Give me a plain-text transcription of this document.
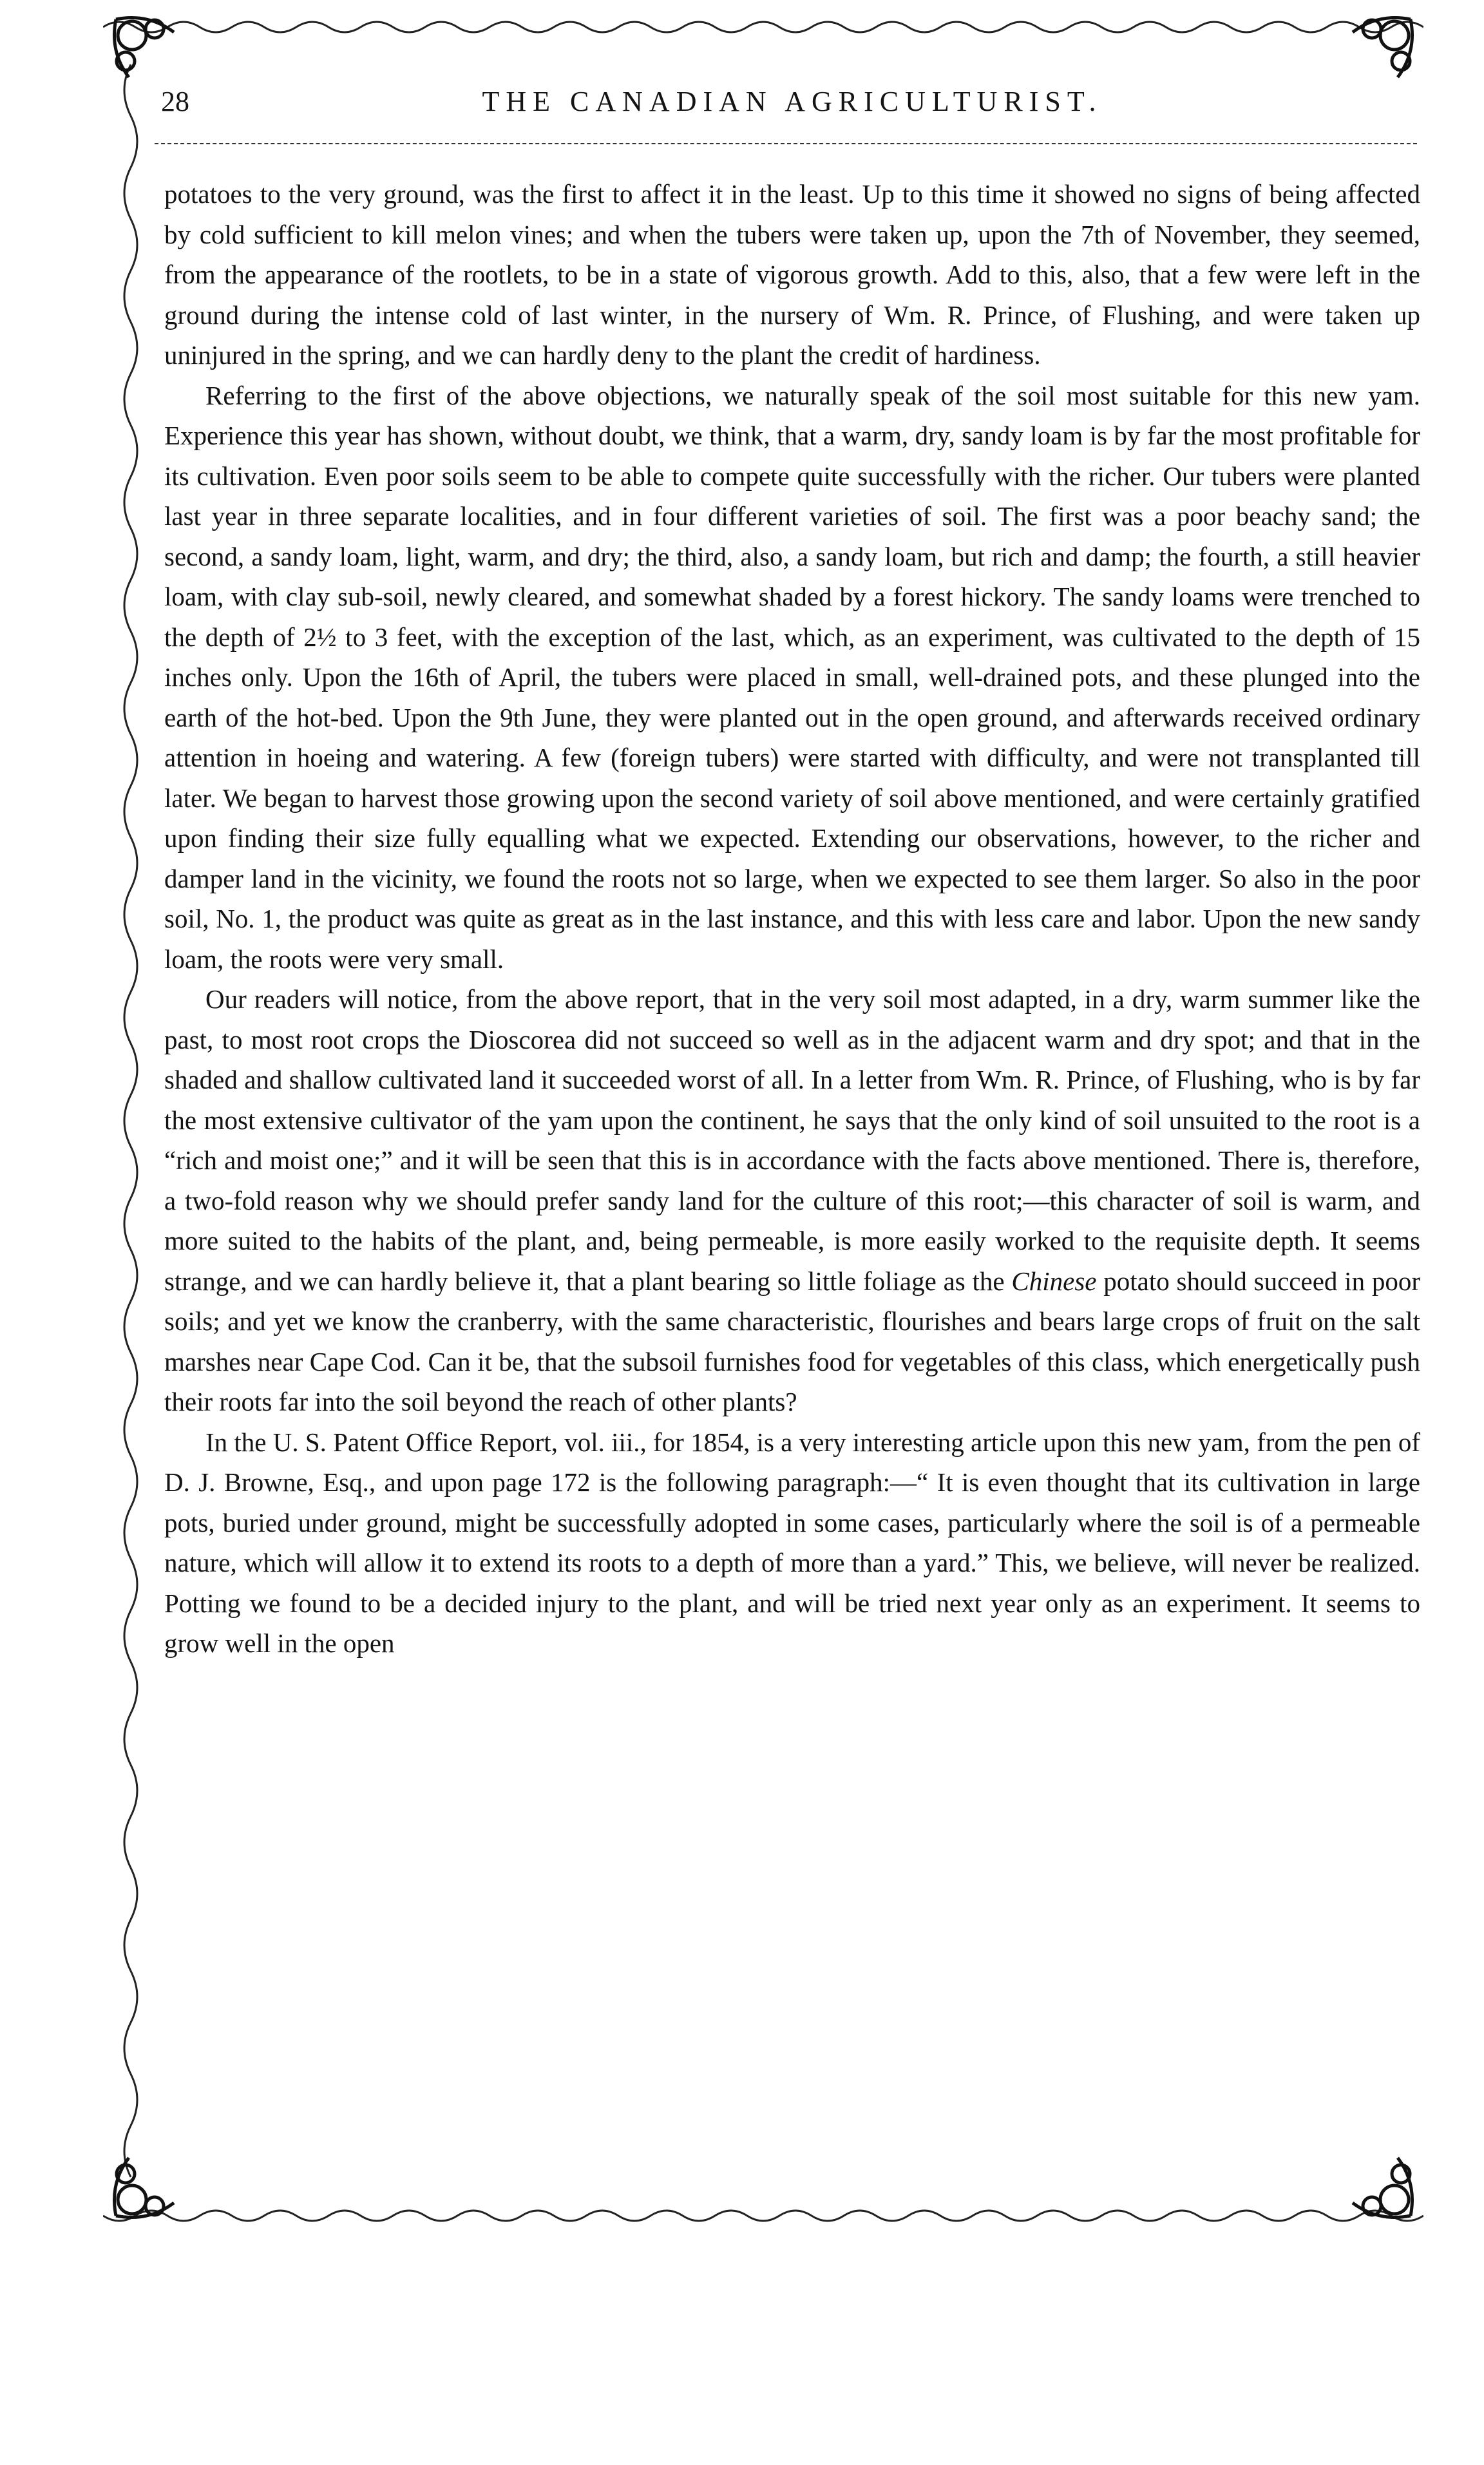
28	THE CANADIAN AGRICULTURIST.

potatoes to the very ground, was the first to affect it in the least. Up to this time it showed no signs of being affected by cold sufficient to kill melon vines; and when the tubers were taken up, upon the 7th of November, they seemed, from the appearance of the rootlets, to be in a state of vigorous growth. Add to this, also, that a few were left in the ground during the intense cold of last winter, in the nursery of Wm. R. Prince, of Flushing, and were taken up uninjured in the spring, and we can hardly deny to the plant the credit of hardiness.

Referring to the first of the above objections, we naturally speak of the soil most suitable for this new yam. Experience this year has shown, without doubt, we think, that a warm, dry, sandy loam is by far the most profitable for its cultivation. Even poor soils seem to be able to compete quite successfully with the richer. Our tubers were planted last year in three separate localities, and in four different varieties of soil. The first was a poor beachy sand; the second, a sandy loam, light, warm, and dry; the third, also, a sandy loam, but rich and damp; the fourth, a still heavier loam, with clay sub-soil, newly cleared, and somewhat shaded by a forest hickory. The sandy loams were trenched to the depth of 2½ to 3 feet, with the exception of the last, which, as an experiment, was cultivated to the depth of 15 inches only. Upon the 16th of April, the tubers were placed in small, well-drained pots, and these plunged into the earth of the hot-bed. Upon the 9th June, they were planted out in the open ground, and afterwards received ordinary attention in hoeing and watering. A few (foreign tubers) were started with difficulty, and were not transplanted till later. We began to harvest those growing upon the second variety of soil above mentioned, and were certainly gratified upon finding their size fully equalling what we expected. Extending our observations, however, to the richer and damper land in the vicinity, we found the roots not so large, when we expected to see them larger. So also in the poor soil, No. 1, the product was quite as great as in the last instance, and this with less care and labor. Upon the new sandy loam, the roots were very small.

Our readers will notice, from the above report, that in the very soil most adapted, in a dry, warm summer like the past, to most root crops the Dioscorea did not succeed so well as in the adjacent warm and dry spot; and that in the shaded and shallow cultivated land it succeeded worst of all. In a letter from Wm. R. Prince, of Flushing, who is by far the most extensive cultivator of the yam upon the continent, he says that the only kind of soil unsuited to the root is a “rich and moist one;” and it will be seen that this is in accordance with the facts above mentioned. There is, therefore, a two-fold reason why we should prefer sandy land for the culture of this root;—this character of soil is warm, and more suited to the habits of the plant, and, being permeable, is more easily worked to the requisite depth. It seems strange, and we can hardly believe it, that a plant bearing so little foliage as the Chinese potato should succeed in poor soils; and yet we know the cranberry, with the same characteristic, flourishes and bears large crops of fruit on the salt marshes near Cape Cod. Can it be, that the subsoil furnishes food for vegetables of this class, which energetically push their roots far into the soil beyond the reach of other plants?

In the U. S. Patent Office Report, vol. iii., for 1854, is a very interesting article upon this new yam, from the pen of D. J. Browne, Esq., and upon page 172 is the following paragraph:—“ It is even thought that its cultivation in large pots, buried under ground, might be successfully adopted in some cases, particularly where the soil is of a permeable nature, which will allow it to extend its roots to a depth of more than a yard.” This, we believe, will never be realized. Potting we found to be a decided injury to the plant, and will be tried next year only as an experiment. It seems to grow well in the open
